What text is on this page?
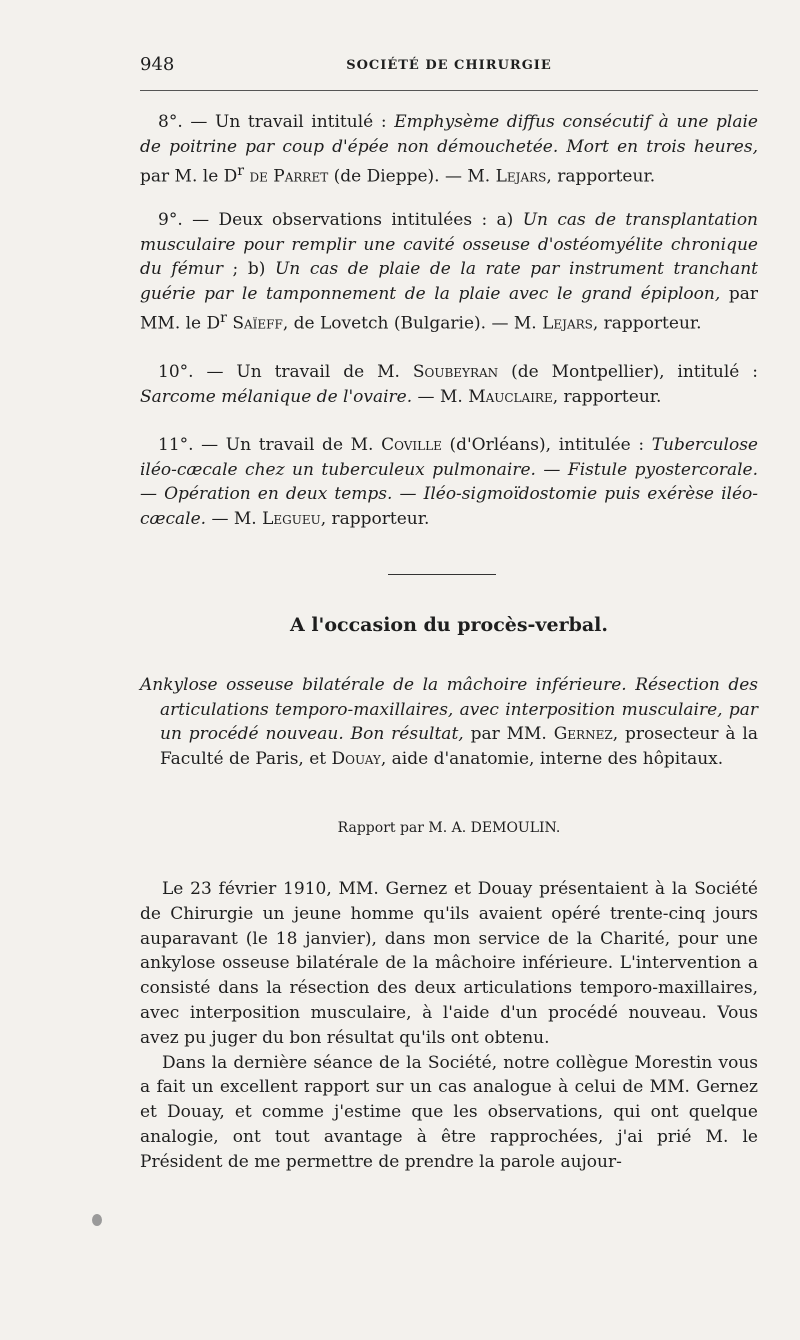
948	SOCIÉTÉ DE CHIRURGIE

8°. — Un travail intitulé : Emphysème diffus consécutif à une plaie de poitrine par coup d'épée non démouchetée. Mort en trois heures, par M. le $D^r$ de Parret (de Dieppe). — M. Lejars, rapporteur.

9°. — Deux observations intitulées : a) Un cas de transplantation musculaire pour remplir une cavité osseuse d'ostéomyélite chronique du fémur ; b) Un cas de plaie de la rate par instrument tranchant guérie par le tamponnement de la plaie avec le grand épiploon, par MM. le $D^r$ Saïeff, de Lovetch (Bulgarie). — M. Lejars, rapporteur.

10°. — Un travail de M. Soubeyran (de Montpellier), intitulé : Sarcome mélanique de l'ovaire. — M. Mauclaire, rapporteur.

11°. — Un travail de M. Coville (d'Orléans), intitulée : Tuberculose iléo-cæcale chez un tuberculeux pulmonaire. — Fistule pyostercorale. — Opération en deux temps. — Iléo-sigmoïdostomie puis exérèse iléo-cæcale. — M. Legueu, rapporteur.

A l'occasion du procès-verbal.

Ankylose osseuse bilatérale de la mâchoire inférieure. Résection des articulations temporo-maxillaires, avec interposition musculaire, par un procédé nouveau. Bon résultat, par MM. Gernez, prosecteur à la Faculté de Paris, et Douay, aide d'anatomie, interne des hôpitaux.

Rapport par M. A. DEMOULIN.

Le 23 février 1910, MM. Gernez et Douay présentaient à la Société de Chirurgie un jeune homme qu'ils avaient opéré trente-cinq jours auparavant (le 18 janvier), dans mon service de la Charité, pour une ankylose osseuse bilatérale de la mâchoire inférieure. L'intervention a consisté dans la résection des deux articulations temporo-maxillaires, avec interposition musculaire, à l'aide d'un procédé nouveau. Vous avez pu juger du bon résultat qu'ils ont obtenu.

Dans la dernière séance de la Société, notre collègue Morestin vous a fait un excellent rapport sur un cas analogue à celui de MM. Gernez et Douay, et comme j'estime que les observations, qui ont quelque analogie, ont tout avantage à être rapprochées, j'ai prié M. le Président de me permettre de prendre la parole aujour-
